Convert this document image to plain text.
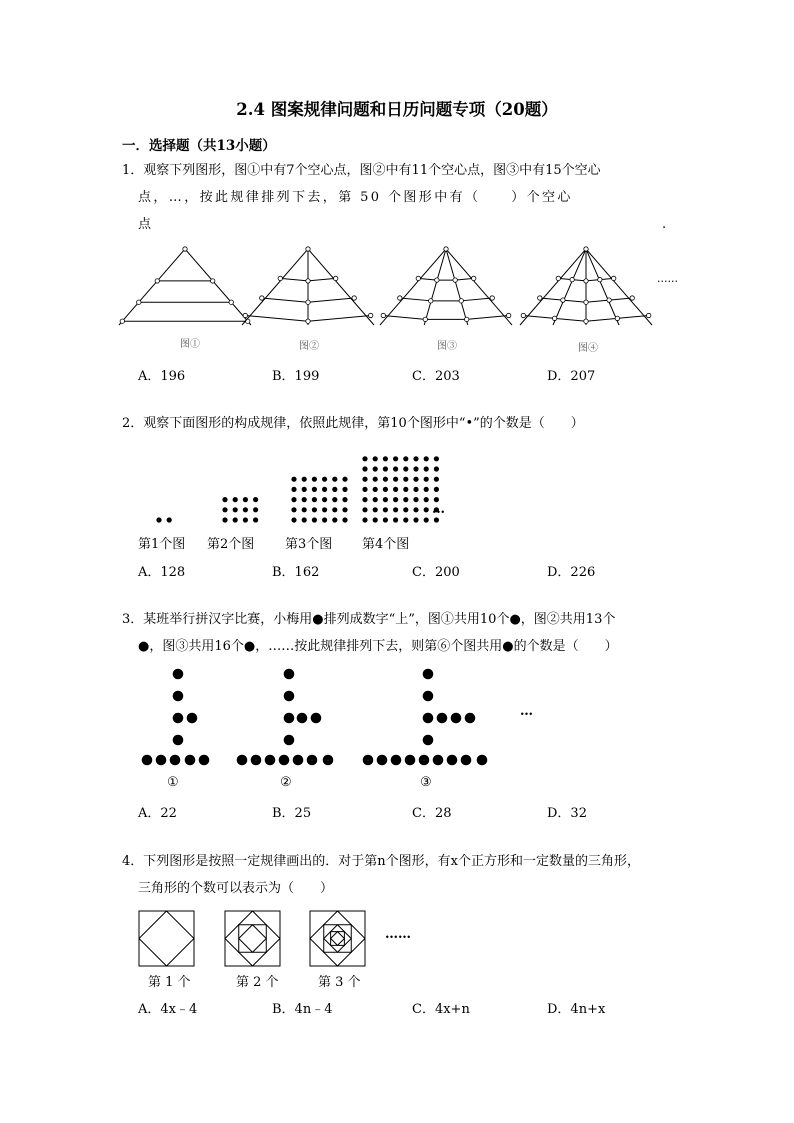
2.4 图案规律问题和日历问题专项（20题）
一．选择题（共13小题）
1．观察下列图形，图①中有7个空心点，图②中有11个空心点，图③中有15个空心
点，…，按此规律排列下去，第 50 个图形中有（　　）个空心
点	.
图①	图②	图③	图④
......
A．196	B．199	C．203	D．207
2．观察下面图形的构成规律，依照此规律，第10个图形中“•”的个数是（　　）
…
第1个图 第2个图 第3个图 第4个图
A．128	B．162	C．200	D．226
3．某班举行拼汉字比赛，小梅用●排列成数字“上”，图①共用10个●，图②共用13个
●，图③共用16个●，……按此规律排列下去，则第⑥个图共用●的个数是（　　）
…
①	②	③
A．22	B．25	C．28	D．32
4．下列图形是按照一定规律画出的．对于第n个图形，有x个正方形和一定数量的三角形，
三角形的个数可以表示为（　　）
……
第 1 个	第 2 个	第 3 个
A．4x﹣4	B．4n﹣4	C．4x+n	D．4n+x
